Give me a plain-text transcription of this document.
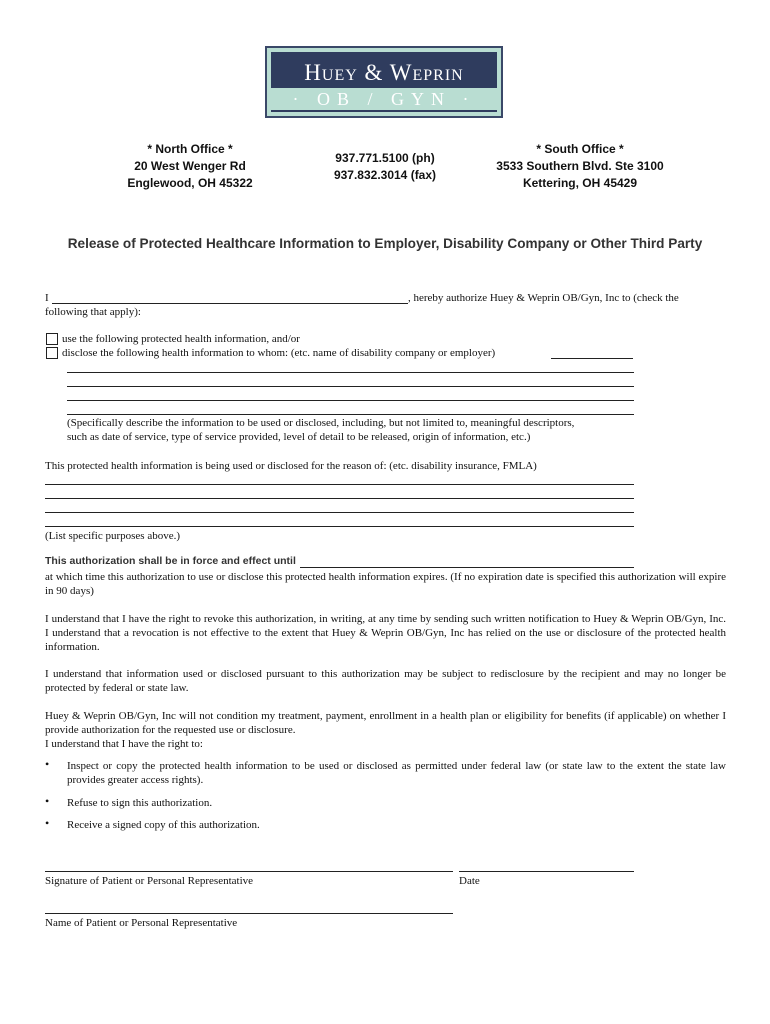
Huey & Weprin
· OB / GYN ·
* North Office *
20 West Wenger Rd
Englewood, OH 45322
937.771.5100 (ph)
937.832.3014 (fax)
* South Office *
3533 Southern Blvd. Ste 3100
Kettering, OH 45429
Release of Protected Healthcare Information to Employer, Disability Company or Other Third Party
I	, hereby authorize Huey & Weprin OB/Gyn, Inc to (check the
following that apply):
use the following protected health information, and/or
disclose the following health information to whom: (etc. name of disability company or employer)
(Specifically describe the information to be used or disclosed, including, but not limited to, meaningful descriptors,
such as date of service, type of service provided, level of detail to be released, origin of information, etc.)
This protected health information is being used or disclosed for the reason of: (etc. disability insurance, FMLA)
(List specific purposes above.)
This authorization shall be in force and effect until
at which time this authorization to use or disclose this protected health information expires. (If no expiration date is specified this authorization will expire in 90 days)
I understand that I have the right to revoke this authorization, in writing, at any time by sending such written notification to Huey & Weprin OB/Gyn, Inc. I understand that a revocation is not effective to the extent that Huey & Weprin OB/Gyn, Inc has relied on the use or disclosure of the protected health information.
I understand that information used or disclosed pursuant to this authorization may be subject to redisclosure by the recipient and may no longer be protected by federal or state law.
Huey & Weprin OB/Gyn, Inc will not condition my treatment, payment, enrollment in a health plan or eligibility for benefits (if applicable) on whether I provide authorization for the requested use or disclosure.
I understand that I have the right to:
• Inspect or copy the protected health information to be used or disclosed as permitted under federal law (or state law to the extent the state law provides greater access rights).
• Refuse to sign this authorization.
• Receive a signed copy of this authorization.
Signature of Patient or Personal Representative	Date
Name of Patient or Personal Representative
